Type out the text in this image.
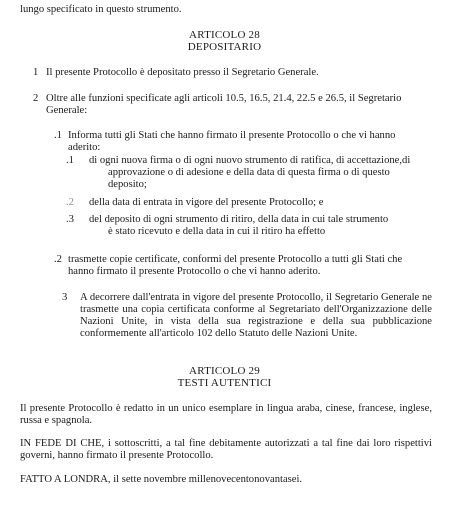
lungo specificato in questo strumento.
ARTICOLO 28
DEPOSITARIO
1 Il presente Protocollo è depositato presso il Segretario Generale.
2 Oltre alle funzioni specificate agli articoli 10.5, 16.5, 21.4, 22.5 e 26.5, il Segretario
Generale:
.1 Informa tutti gli Stati che hanno firmato il presente Protocollo o che vi hanno
aderito:
.1 di ogni nuova firma o di ogni nuovo strumento di ratifica, di accettazione,di
approvazione o di adesione e della data di questa firma o di questo
deposito;
.2 della data di entrata in vigore del presente Protocollo; e
.3 del deposito di ogni strumento di ritiro, della data in cui tale strumento
è stato ricevuto e della data in cui il ritiro ha effetto
.2 trasmette copie certificate, conformi del presente Protocollo a tutti gli Stati che
hanno firmato il presente Protocollo o che vi hanno aderito.
3 A decorrere dall'entrata in vigore del presente Protocollo, il Segretario Generale ne trasmette una copia certificata conforme al Segretariato dell'Organizzazione delle Nazioni Unite, in vista della sua registrazione e della sua pubblicazione conformemente all'articolo 102 dello Statuto delle Nazioni Unite.
ARTICOLO 29
TESTI AUTENTICI
Il presente Protocollo è redatto in un unico esemplare in lingua araba, cinese, francese, inglese, russa e spagnola.
IN FEDE DI CHE, i sottoscritti, a tal fine debitamente autorizzati a tal fine dai loro rispettivi governi, hanno firmato il presente Protocollo.
FATTO A LONDRA, il sette novembre millenovecentonovantasei.
